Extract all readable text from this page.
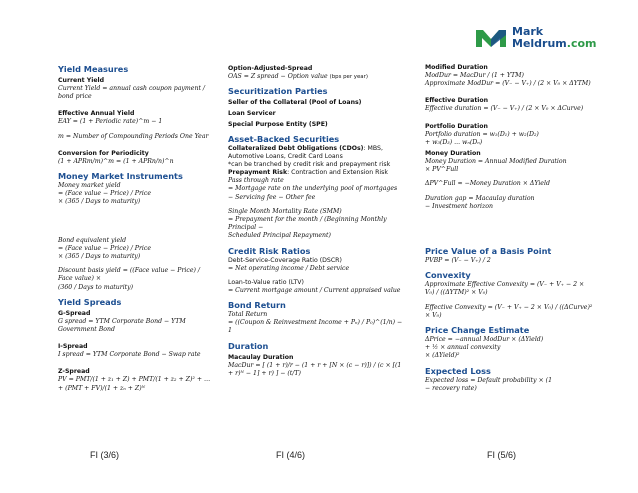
Mark
Meldrum.com
Yield Measures
Current Yield
Current Yield = annual cash coupon payment / bond price
Effective Annual Yield
EAY = (1 + Periodic rate)^m − 1
m = Number of Compounding Periods One Year
Conversion for Periodicity
(1 + APRm/m)^m = (1 + APRn/n)^n
Money Market Instruments
Money market yield
= (Face value − Price) / Price
× (365 / Days to maturity)
Bond equivalent yield
= (Face value − Price) / Price
× (365 / Days to maturity)
Discount basis yield = ((Face value − Price) / Face value) ×
(360 / Days to maturity)
Yield Spreads
G-Spread
G spread = YTM Corporate Bond − YTM Government Bond
I-Spread
I spread = YTM Corporate Bond − Swap rate
Z-Spread
PV = PMT/(1 + z₁ + Z) + PMT/(1 + z₂ + Z)² + … + (PMT + FV)/(1 + zₙ + Z)ᴺ
Option-Adjusted-Spread
OAS = Z spread − Option value (bps per year)
Securitization Parties
Seller of the Collateral (Pool of Loans)
Loan Servicer
Special Purpose Entity (SPE)
Asset-Backed Securities
Collateralized Debt Obligations (CDOs): MBS,
Automotive Loans, Credit Card Loans
*can be tranched by credit risk and prepayment risk
Prepayment Risk: Contraction and Extension Risk
Pass through rate
= Mortgage rate on the underlying pool of mortgages
− Servicing fee − Other fee
Single Month Mortality Rate (SMM)
= Prepayment for the month / (Beginning Monthly Principal −
Scheduled Principal Repayment)
Credit Risk Ratios
Debt-Service-Coverage Ratio (DSCR)
= Net operating income / Debt service
Loan-to-Value ratio (LTV)
= Current mortgage amount / Current appraised value
Bond Return
Total Return
= ((Coupon & Reinvestment Income + Pₙ) / P₀)^(1/n) − 1
Duration
Macaulay Duration
MacDur = [ (1 + r)/r − (1 + r + [N × (c − r)]) / (c × [(1 + r)ᴺ − 1] + r) ] − (t/T)
Modified Duration
ModDur = MacDur / (1 + YTM)
Approximate ModDur = (V₋ − V₊) / (2 × V₀ × ΔYTM)
Effective Duration
Effective duration = (V₋ − V₊) / (2 × V₀ × ΔCurve)
Portfolio Duration
Portfolio duration = w₁(D₁) + w₂(D₂)
+ w₃(D₃) ... wₙ(Dₙ)
Money Duration
Money Duration = Annual Modified Duration
× PV^Full
ΔPV^Full ≈ −Money Duration × ΔYield
Duration gap = Macaulay duration
− Investment horizon
Price Value of a Basis Point
PVBP = (V₋ − V₊) / 2
Convexity
Approximate Effective Convexity = (V₋ + V₊ − 2 × V₀) / ((ΔYTM)² × V₀)
Effective Convexity = (V₋ + V₊ − 2 × V₀) / ((ΔCurve)² × V₀)
Price Change Estimate
ΔPrice = −annual ModDur × (ΔYield)
+ ½ × annual convexity
× (ΔYield)²
Expected Loss
Expected loss = Default probability × (1
− recovery rate)
FI (3/6)	FI (4/6)	FI (5/6)
